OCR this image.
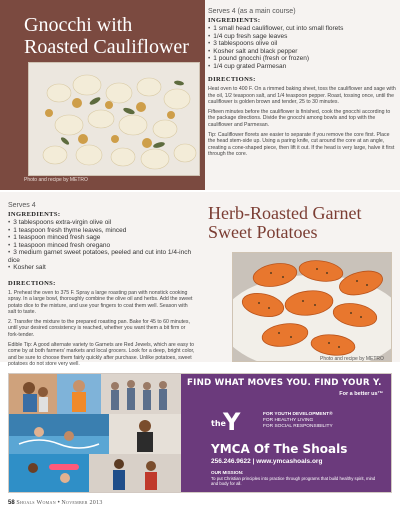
Gnocchi with
Roasted Cauliflower
Photo and recipe by METRO
Serves 4 (as a main course)
INGREDIENTS:
• 1 small head cauliflower, cut into small florets
• 1/4 cup fresh sage leaves
• 3 tablespoons olive oil
• Kosher salt and black pepper
• 1 pound gnocchi (fresh or frozen)
• 1/4 cup grated Parmesan
DIRECTIONS:

Heat oven to 400 F. On a rimmed baking sheet, toss the cauliflower and sage with the oil, 1/2 teaspoon salt, and 1/4 teaspoon pepper. Roast, tossing once, until the cauliflower is golden brown and tender, 25 to 30 minutes.

Fifteen minutes before the cauliflower is finished, cook the gnocchi according to the package directions. Divide the gnocchi among bowls and top with the cauliflower and Parmesan.

Tip: Cauliflower florets are easier to separate if you remove the core first. Place the head stem-side up. Using a paring knife, cut around the core at an angle, creating a cone-shaped piece, then lift it out. If the head is very large, halve it first through the core.

Serves 4
INGREDIENTS:
• 3 tablespoons extra-virgin olive oil
• 1 teaspoon fresh thyme leaves, minced
• 1 teaspoon minced fresh sage
• 1 teaspoon minced fresh oregano
• 3 medium garnet sweet potatoes, peeled and cut into 1/4-inch dice
• Kosher salt
DIRECTIONS:

1. Preheat the oven to 375 F. Spray a large roasting pan with nonstick cooking spray. In a large bowl, thoroughly combine the olive oil and herbs. Add the sweet potato dice to the mixture, and use your fingers to coat them well. Season with salt to taste.

2. Transfer the mixture to the prepared roasting pan. Bake for 45 to 60 minutes, until your desired consistency is reached, whether you want them a bit firm or fork-tender.

Edible Tip: A good alternate variety to Garnets are Red Jewels, which are easy to come by at both farmers' markets and local grocers. Look for a deep, bright color, and be sure to choose them fairly quickly after purchase. Unlike potatoes, sweet potatoes do not store very well.

Herb-Roasted Garnet
Sweet Potatoes
Photo and recipe by METRO
FIND WHAT MOVES YOU. FIND YOUR Y.
For a better us™
the
Y	FOR YOUTH DEVELOPMENT®
FOR HEALTHY LIVING
FOR SOCIAL RESPONSIBILITY
YMCA Of The Shoals
256.246.9622 | www.ymcashoals.org
OUR MISSION:
To put Christian principles into practice through programs that build healthy spirit, mind and body for all.
58 Shoals Woman • November 2013
